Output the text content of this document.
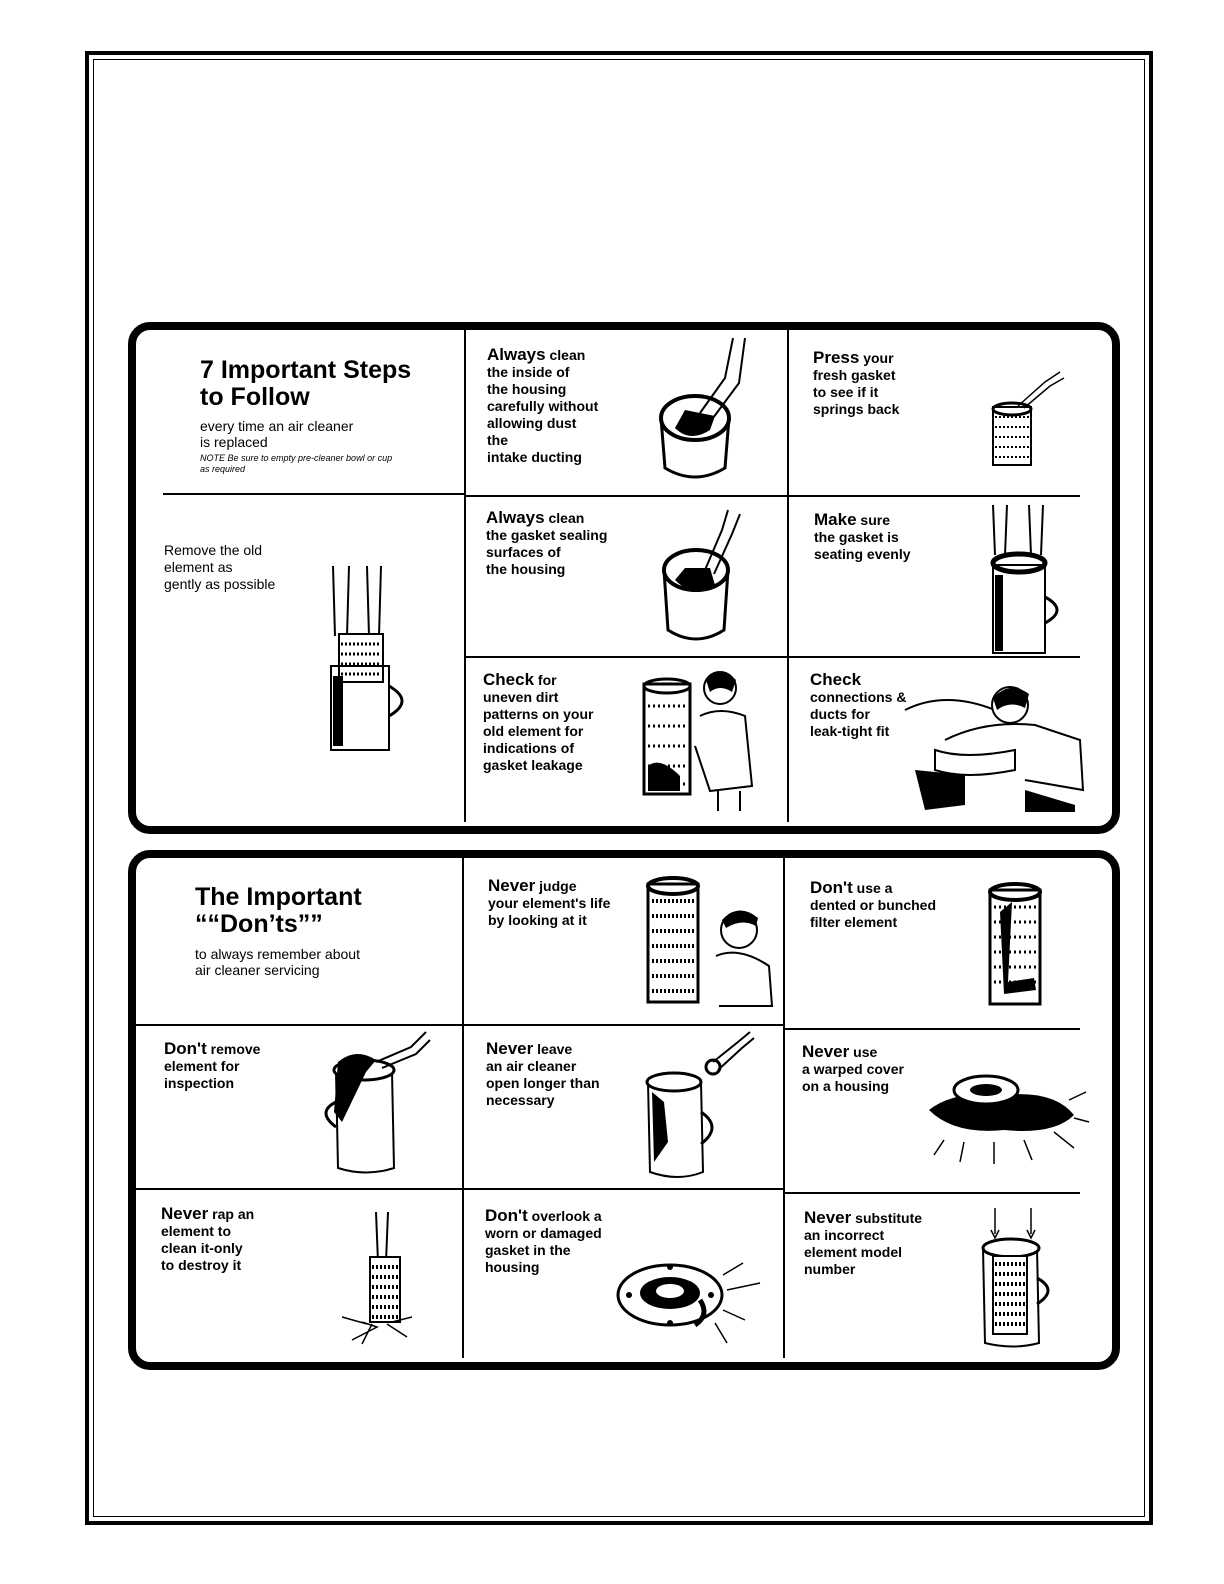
7 Important Steps
to Follow
every time an air cleaner
is replaced
NOTE Be sure to empty pre-cleaner bowl or cup
as required
Always clean
the inside of
the housing
carefully without
allowing dust
the
intake ducting
Press your
fresh gasket
to see if it
springs back
Remove the old
element as
gently as possible
Always clean
the gasket sealing
surfaces of
the housing
Make sure
the gasket is
seating evenly
Check for
uneven dirt
patterns on your
old element for
indications of
gasket leakage
Check
connections &
ducts for
leak-tight fit
The Important
““Don’ts””
to always remember about
air cleaner servicing
Never judge
your element's life
by looking at it
Don't use a
dented or bunched
filter element
Don't remove
element for
inspection
Never leave
an air cleaner
open longer than
necessary
Never use
a warped cover
on a housing
Never rap an
element to
clean it-only
to destroy it
Don't overlook a
worn or damaged
gasket in the
housing
Never substitute
an incorrect
element model
number
